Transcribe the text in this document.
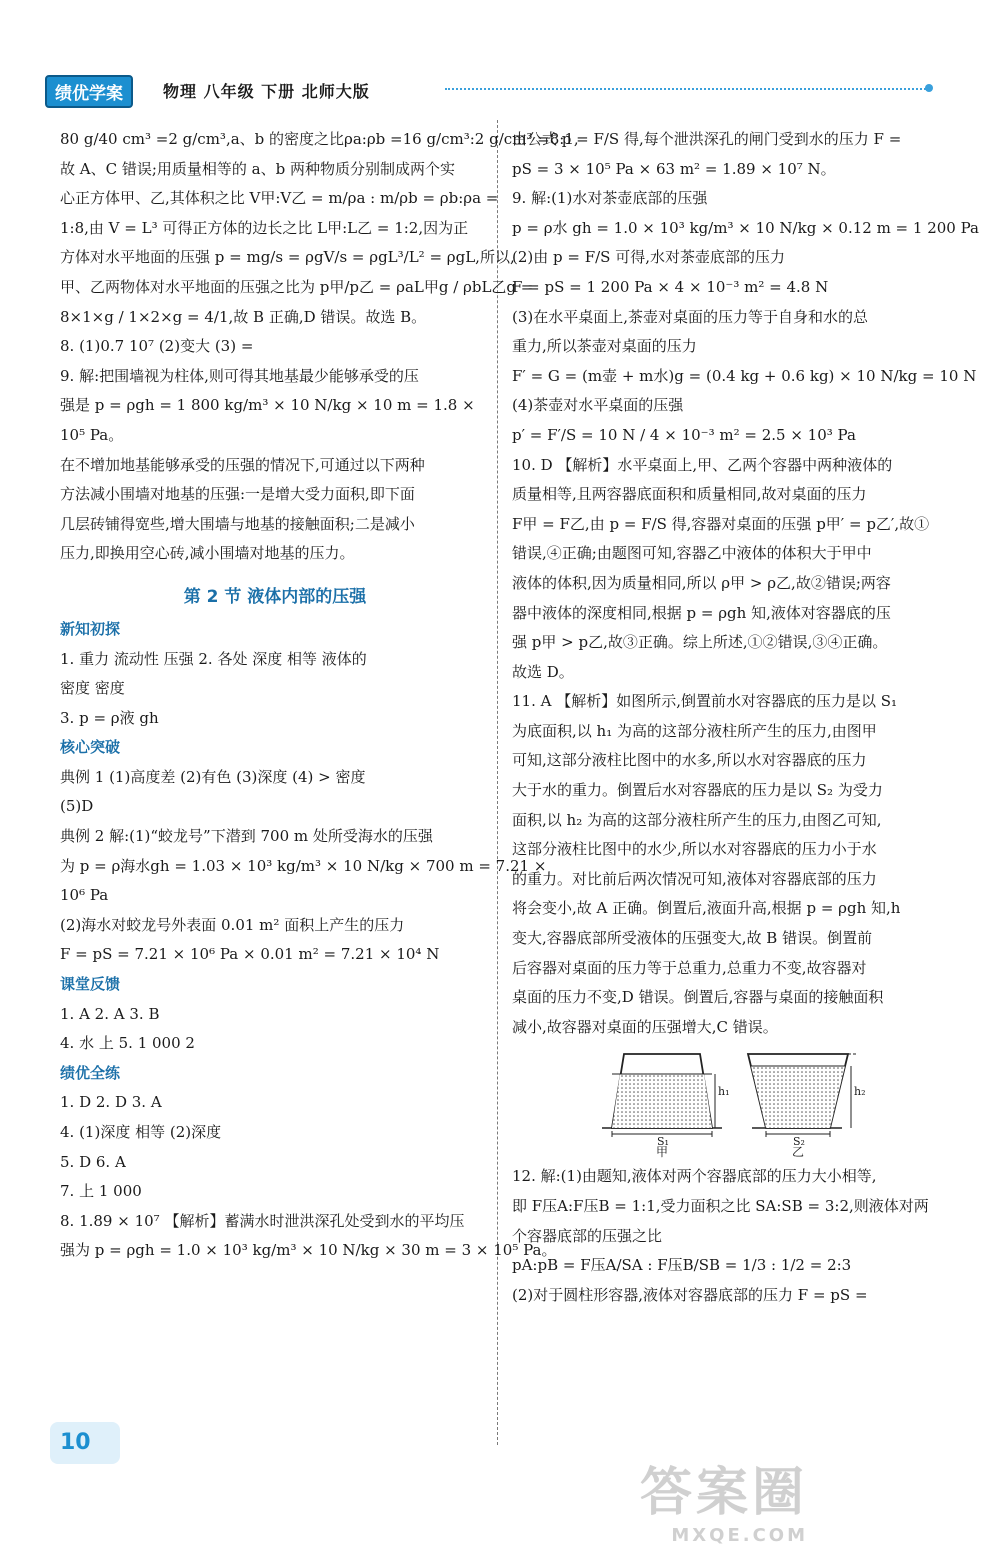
绩优学案	物理 八年级 下册 北师大版
80 g/40 cm³ =2 g/cm³,a、b 的密度之比ρa:ρb =16 g/cm³:2 g/cm³ =8:1,
故 A、C 错误;用质量相等的 a、b 两种物质分别制成两个实
心正方体甲、乙,其体积之比 V甲:V乙 = m/ρa : m/ρb = ρb:ρa =
1:8,由 V = L³ 可得正方体的边长之比 L甲:L乙 = 1:2,因为正
方体对水平地面的压强 p = mg/s = ρgV/s = ρgL³/L² = ρgL,所以,
甲、乙两物体对水平地面的压强之比为 p甲/p乙 = ρaL甲g / ρbL乙g =
8×1×g / 1×2×g = 4/1,故 B 正确,D 错误。故选 B。
8. (1)0.7 10⁷ (2)变大 (3) =
9. 解:把围墙视为柱体,则可得其地基最少能够承受的压
强是 p = ρgh = 1 800 kg/m³ × 10 N/kg × 10 m = 1.8 ×
10⁵ Pa。
在不增加地基能够承受的压强的情况下,可通过以下两种
方法减小围墙对地基的压强:一是增大受力面积,即下面
几层砖铺得宽些,增大围墙与地基的接触面积;二是减小
压力,即换用空心砖,减小围墙对地基的压力。
第 2 节 液体内部的压强
新知初探
1. 重力 流动性 压强 2. 各处 深度 相等 液体的
密度 密度
3. p = ρ液 gh
核心突破
典例 1 (1)高度差 (2)有色 (3)深度 (4) > 密度
(5)D
典例 2 解:(1)“蛟龙号”下潜到 700 m 处所受海水的压强
为 p = ρ海水gh = 1.03 × 10³ kg/m³ × 10 N/kg × 700 m = 7.21 ×
10⁶ Pa
(2)海水对蛟龙号外表面 0.01 m² 面积上产生的压力
F = pS = 7.21 × 10⁶ Pa × 0.01 m² = 7.21 × 10⁴ N
课堂反馈
1. A 2. A 3. B
4. 水 上 5. 1 000 2
绩优全练
1. D 2. D 3. A
4. (1)深度 相等 (2)深度
5. D 6. A
7. 上 1 000
8. 1.89 × 10⁷ 【解析】蓄满水时泄洪深孔处受到水的平均压
强为 p = ρgh = 1.0 × 10³ kg/m³ × 10 N/kg × 30 m = 3 × 10⁵ Pa。
由公式 p = F/S 得,每个泄洪深孔的闸门受到水的压力 F =
pS = 3 × 10⁵ Pa × 63 m² = 1.89 × 10⁷ N。
9. 解:(1)水对茶壶底部的压强
p = ρ水 gh = 1.0 × 10³ kg/m³ × 10 N/kg × 0.12 m = 1 200 Pa
(2)由 p = F/S 可得,水对茶壶底部的压力
F = pS = 1 200 Pa × 4 × 10⁻³ m² = 4.8 N
(3)在水平桌面上,茶壶对桌面的压力等于自身和水的总
重力,所以茶壶对桌面的压力
F′ = G = (m壶 + m水)g = (0.4 kg + 0.6 kg) × 10 N/kg = 10 N
(4)茶壶对水平桌面的压强
p′ = F′/S = 10 N / 4 × 10⁻³ m² = 2.5 × 10³ Pa
10. D 【解析】水平桌面上,甲、乙两个容器中两种液体的
质量相等,且两容器底面积和质量相同,故对桌面的压力
F甲 = F乙,由 p = F/S 得,容器对桌面的压强 p甲′ = p乙′,故①
错误,④正确;由题图可知,容器乙中液体的体积大于甲中
液体的体积,因为质量相同,所以 ρ甲 > ρ乙,故②错误;两容
器中液体的深度相同,根据 p = ρgh 知,液体对容器底的压
强 p甲 > p乙,故③正确。综上所述,①②错误,③④正确。
故选 D。
11. A 【解析】如图所示,倒置前水对容器底的压力是以 S₁
为底面积,以 h₁ 为高的这部分液柱所产生的压力,由图甲
可知,这部分液柱比图中的水多,所以水对容器底的压力
大于水的重力。倒置后水对容器底的压力是以 S₂ 为受力
面积,以 h₂ 为高的这部分液柱所产生的压力,由图乙可知,
这部分液柱比图中的水少,所以水对容器底的压力小于水
的重力。对比前后两次情况可知,液体对容器底部的压力
将会变小,故 A 正确。倒置后,液面升高,根据 p = ρgh 知,h
变大,容器底部所受液体的压强变大,故 B 错误。倒置前
后容器对桌面的压力等于总重力,总重力不变,故容器对
桌面的压力不变,D 错误。倒置后,容器与桌面的接触面积
减小,故容器对桌面的压强增大,C 错误。
h₁	h₂
S₁	S₂
甲	乙
12. 解:(1)由题知,液体对两个容器底部的压力大小相等,
即 F压A:F压B = 1:1,受力面积之比 SA:SB = 3:2,则液体对两
个容器底部的压强之比
pA:pB = F压A/SA : F压B/SB = 1/3 : 1/2 = 2:3
(2)对于圆柱形容器,液体对容器底部的压力 F = pS =
10
答案圈
MXQE.COM
